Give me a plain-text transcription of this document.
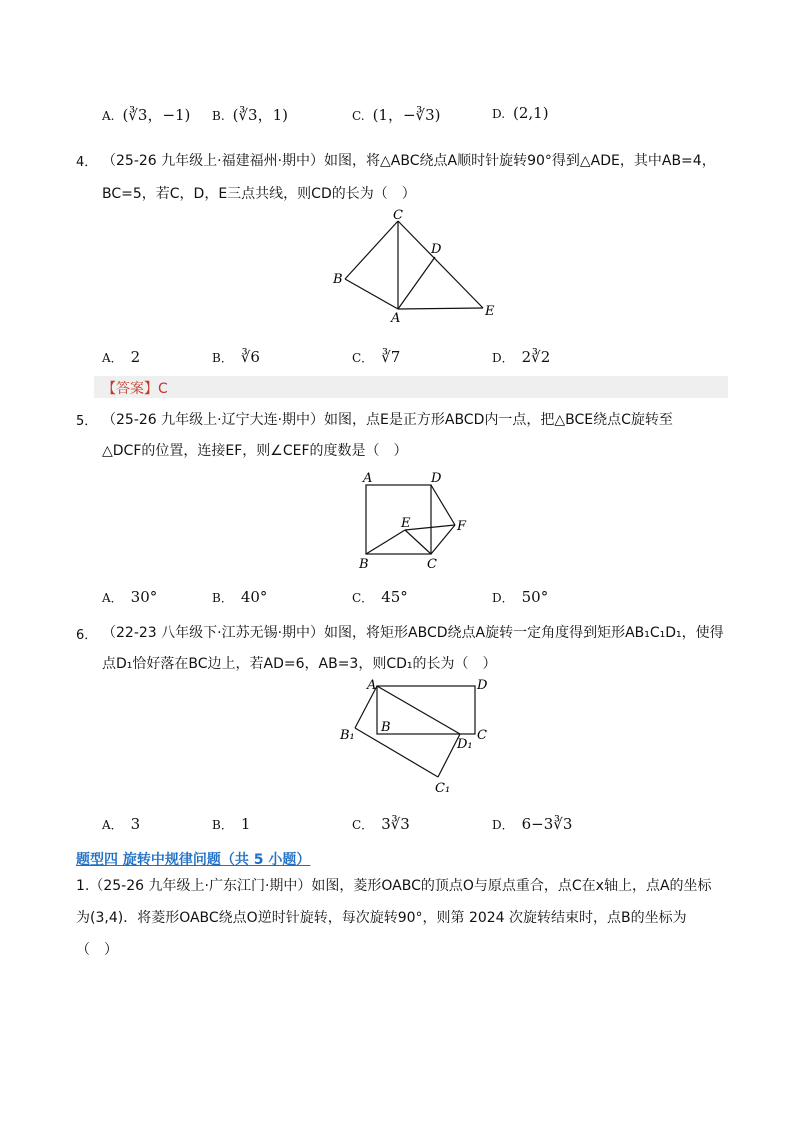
A. (∛3，−1) B. (∛3，1)	C. (1，−∛3)	D. (2,1)
4． （25-26 九年级上·福建福州·期中）如图，将△ABC绕点A顺时针旋转90°得到△ADE，其中AB=4，
BC=5，若C，D，E三点共线，则CD的长为（　）
C
D
B
A	E
A． 2	B． ∛6	C． ∛7	D． 2∛2
【答案】C
5． （25-26 九年级上·辽宁大连·期中）如图，点E是正方形ABCD内一点，把△BCE绕点C旋转至
△DCF的位置，连接EF，则∠CEF的度数是（　）
A	D
E	F
B	C
A． 30°	B． 40°	C． 45°	D． 50°
6． （22-23 八年级下·江苏无锡·期中）如图，将矩形ABCD绕点A旋转一定角度得到矩形AB₁C₁D₁，使得
点D₁恰好落在BC边上，若AD=6，AB=3，则CD₁的长为（　）
A	D
B
B₁
D₁
C
C₁
A． 3	B． 1	C． 3∛3	D． 6−3∛3
题型四 旋转中规律问题（共 5 小题）
1.（25-26 九年级上·广东江门·期中）如图，菱形OABC的顶点O与原点重合，点C在x轴上，点A的坐标
为(3,4)．将菱形OABC绕点O逆时针旋转，每次旋转90°，则第 2024 次旋转结束时，点B的坐标为
（　）
